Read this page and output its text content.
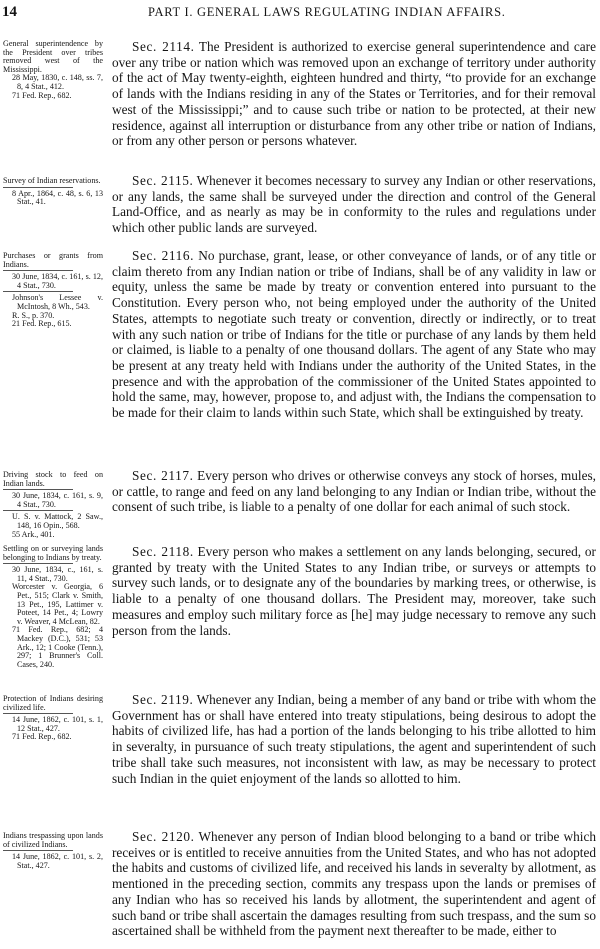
14	PART I. GENERAL LAWS REGULATING INDIAN AFFAIRS.
General superintendence by the President over tribes removed west of the Mississippi.
28 May, 1830, c. 148, ss. 7, 8, 4 Stat., 412.
71 Fed. Rep., 682.
Survey of Indian reservations.
8 Apr., 1864, c. 48, s. 6, 13 Stat., 41.
Purchases or grants from Indians.
30 June, 1834, c. 161, s. 12, 4 Stat., 730.
Johnson's Lessee v. McIntosh, 8 Wh., 543.
R. S., p. 370.
21 Fed. Rep., 615.
Driving stock to feed on Indian lands.
30 June, 1834, c. 161, s. 9, 4 Stat., 730.
U. S. v. Mattock, 2 Saw., 148, 16 Opin., 568.
55 Ark., 401.
Settling on or surveying lands belonging to Indians by treaty.
30 June, 1834, c., 161, s. 11, 4 Stat., 730.
Worcester v. Georgia, 6 Pet., 515; Clark v. Smith, 13 Pet., 195, Lattimer v. Poteet, 14 Pet., 4; Lowry v. Weaver, 4 McLean, 82.
71 Fed. Rep., 682; 4 Mackey (D.C.), 531; 53 Ark., 12; 1 Cooke (Tenn.), 297; 1 Brunner's Coll. Cases, 240.
Protection of Indians desiring civilized life.
14 June, 1862, c. 101, s. 1, 12 Stat., 427.
71 Fed. Rep., 682.
Indians trespassing upon lands of civilized Indians.
14 June, 1862, c. 101, s. 2, Stat., 427.
Sec. 2114. The President is authorized to exercise general superintendence and care over any tribe or nation which was removed upon an exchange of territory under authority of the act of May twenty-eighth, eighteen hundred and thirty, “to provide for an exchange of lands with the Indians residing in any of the States or Territories, and for their removal west of the Mississippi;” and to cause such tribe or nation to be protected, at their new residence, against all interruption or disturbance from any other tribe or nation of Indians, or from any other person or persons whatever.
Sec. 2115. Whenever it becomes necessary to survey any Indian or other reservations, or any lands, the same shall be surveyed under the direction and control of the General Land-Office, and as nearly as may be in conformity to the rules and regulations under which other public lands are surveyed.
Sec. 2116. No purchase, grant, lease, or other conveyance of lands, or of any title or claim thereto from any Indian nation or tribe of Indians, shall be of any validity in law or equity, unless the same be made by treaty or convention entered into pursuant to the Constitution. Every person who, not being employed under the authority of the United States, attempts to negotiate such treaty or convention, directly or indirectly, or to treat with any such nation or tribe of Indians for the title or purchase of any lands by them held or claimed, is liable to a penalty of one thousand dollars. The agent of any State who may be present at any treaty held with Indians under the authority of the United States, in the presence and with the approbation of the commissioner of the United States appointed to hold the same, may, however, propose to, and adjust with, the Indians the compensation to be made for their claim to lands within such State, which shall be extinguished by treaty.
Sec. 2117. Every person who drives or otherwise conveys any stock of horses, mules, or cattle, to range and feed on any land belonging to any Indian or Indian tribe, without the consent of such tribe, is liable to a penalty of one dollar for each animal of such stock.
Sec. 2118. Every person who makes a settlement on any lands belonging, secured, or granted by treaty with the United States to any Indian tribe, or surveys or attempts to survey such lands, or to designate any of the boundaries by marking trees, or otherwise, is liable to a penalty of one thousand dollars. The President may, moreover, take such measures and employ such military force as [he] may judge necessary to remove any such person from the lands.
Sec. 2119. Whenever any Indian, being a member of any band or tribe with whom the Government has or shall have entered into treaty stipulations, being desirous to adopt the habits of civilized life, has had a portion of the lands belonging to his tribe allotted to him in severalty, in pursuance of such treaty stipulations, the agent and superintendent of such tribe shall take such measures, not inconsistent with law, as may be necessary to protect such Indian in the quiet enjoyment of the lands so allotted to him.
Sec. 2120. Whenever any person of Indian blood belonging to a band or tribe which receives or is entitled to receive annuities from the United States, and who has not adopted the habits and customs of civilized life, and received his lands in severalty by allotment, as mentioned in the preceding section, commits any trespass upon the lands or premises of any Indian who has so received his lands by allotment, the superintendent and agent of such band or tribe shall ascertain the damages resulting from such trespass, and the sum so ascertained shall be withheld from the payment next thereafter to be made, either to
